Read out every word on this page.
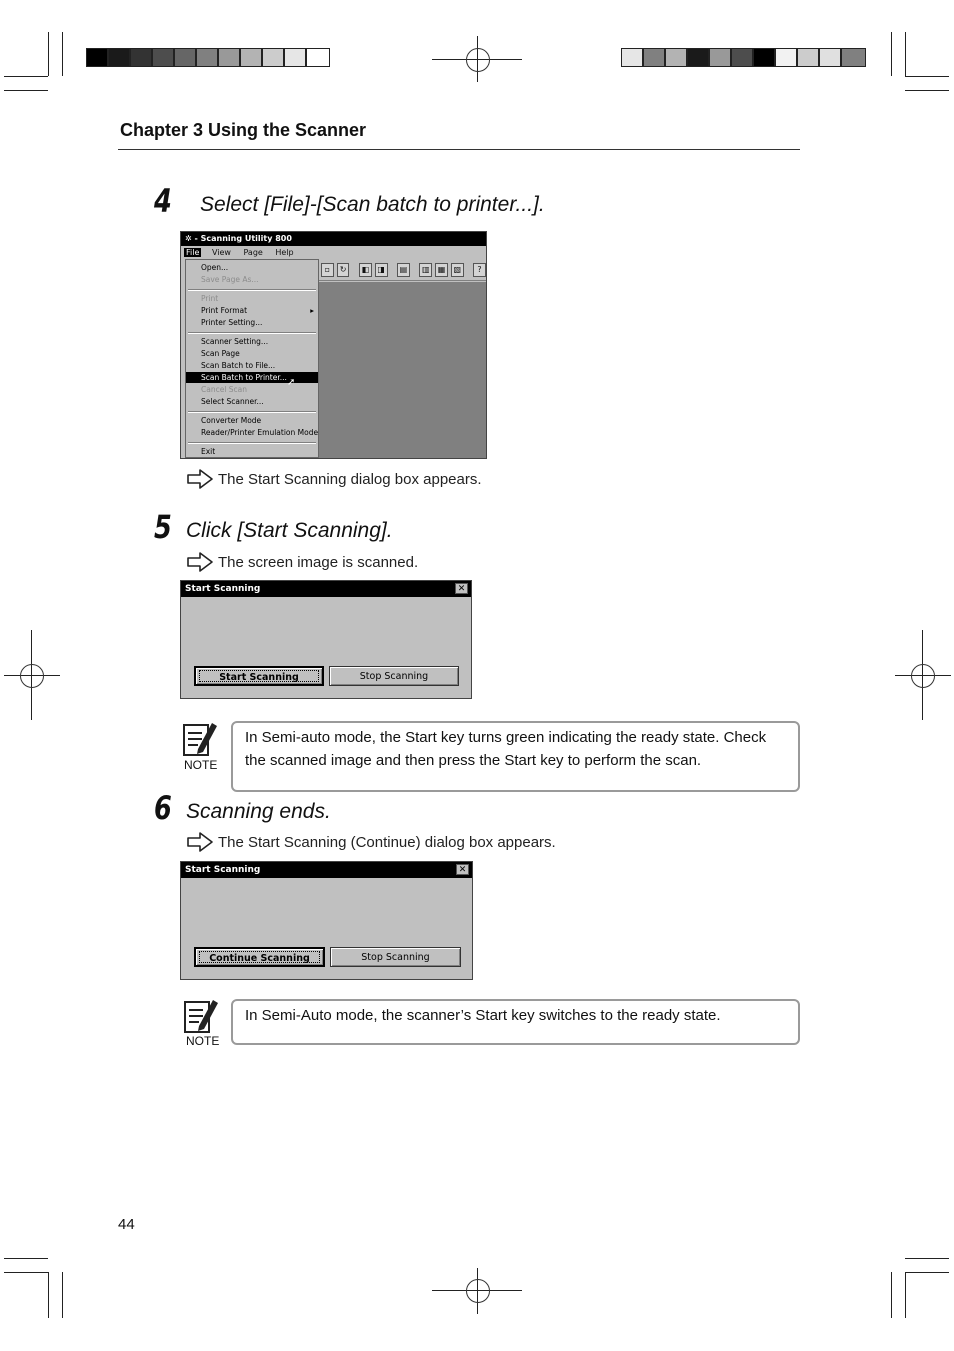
Chapter 3 Using the Scanner
4 Select [File]-[Scan batch to printer...].
✲ - Scanning Utility 800
File View Page Help
▫	↻	◧	◨	▤	▥	▦	▧	?
Open...
Save Page As...
Print
Print Format	▸
Printer Setting...
Scanner Setting...
Scan Page
Scan Batch to File...
Scan Batch to Printer... ➚
Cancel Scan
Select Scanner...
Converter Mode
Reader/Printer Emulation Mode
Exit
The Start Scanning dialog box appears.
5 Click [Start Scanning].
The screen image is scanned.
Start Scanning	✕
Start Scanning	Stop Scanning
NOTE
In Semi-auto mode, the Start key turns green indicating the ready state. Check the scanned image and then press the Start key to perform the scan.
6 Scanning ends.
The Start Scanning (Continue) dialog box appears.
Start Scanning	✕
Continue Scanning	Stop Scanning
NOTE
In Semi-Auto mode, the scanner’s Start key switches to the ready state.
44
